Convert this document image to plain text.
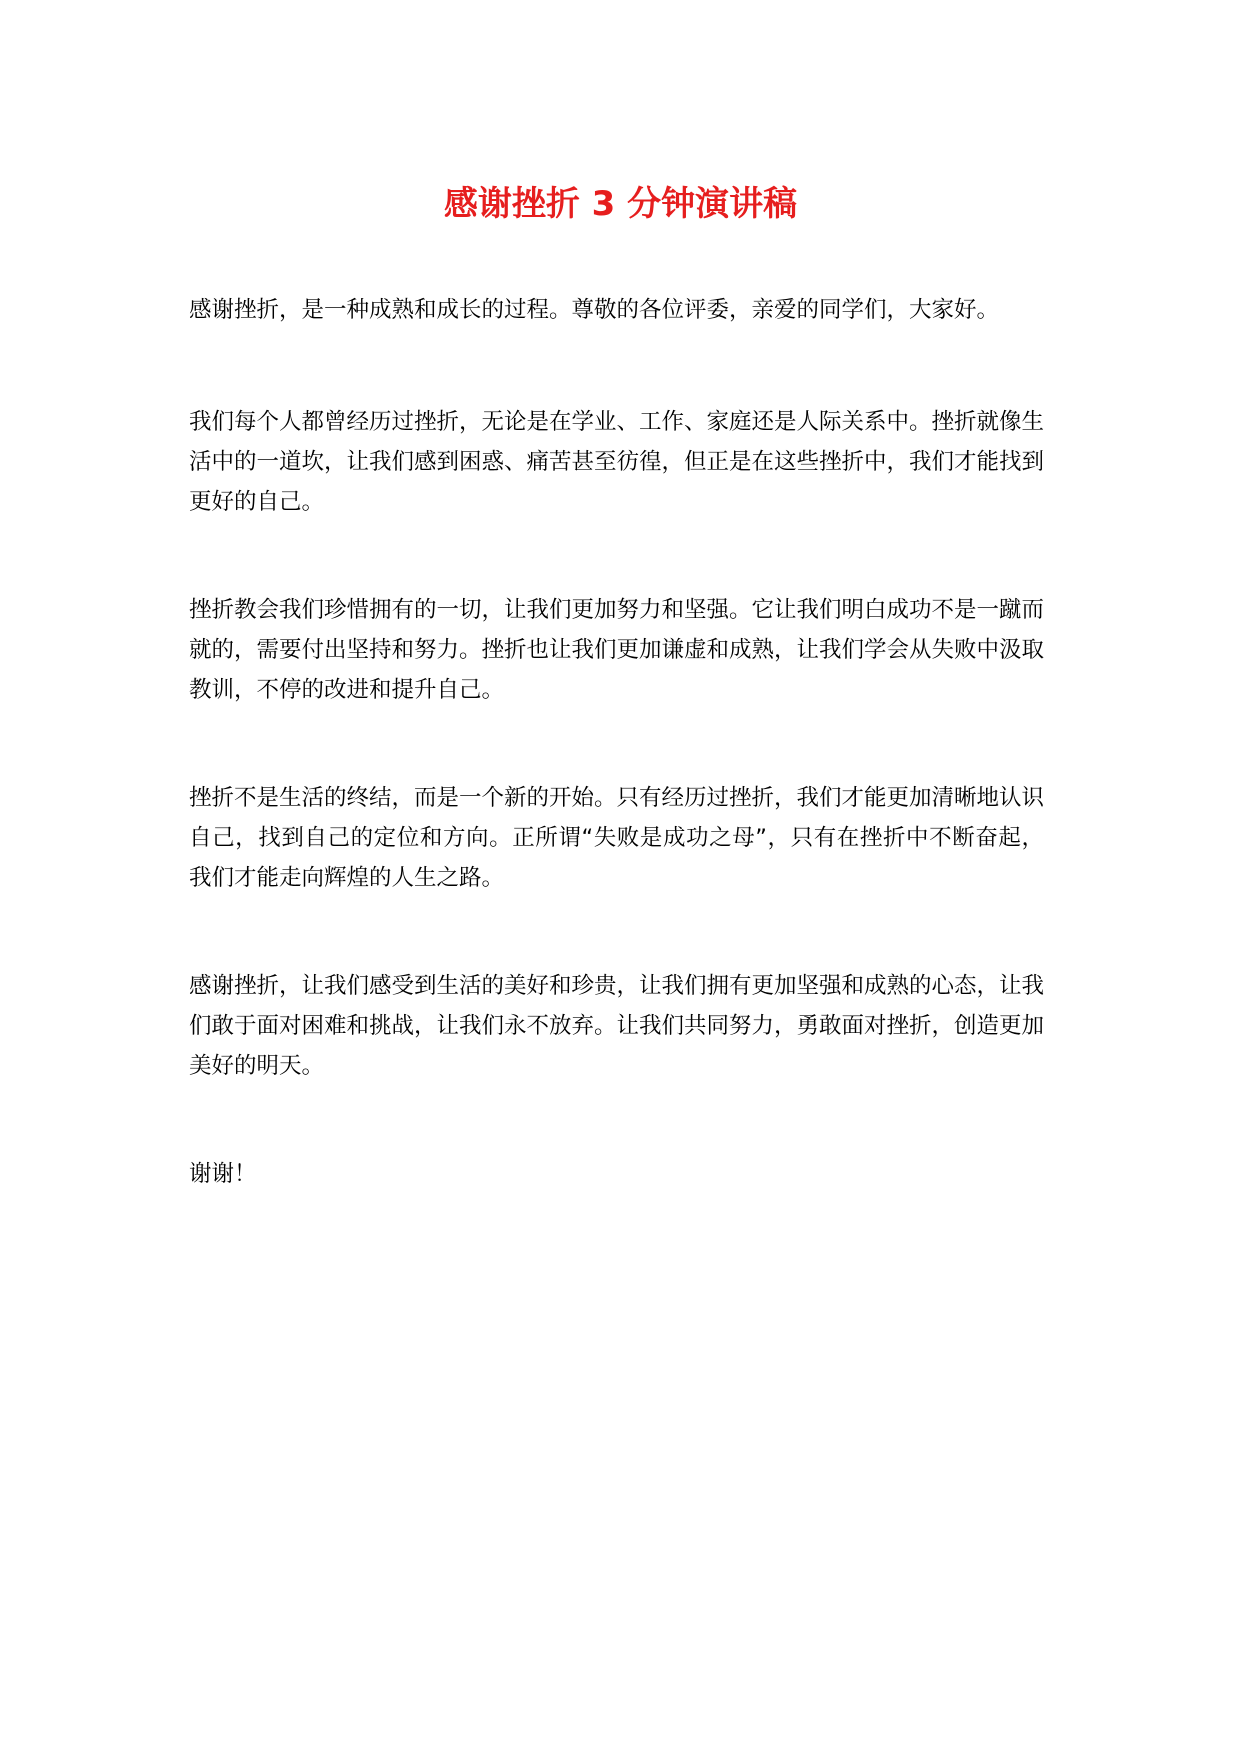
感谢挫折 3 分钟演讲稿

感谢挫折，是一种成熟和成长的过程。尊敬的各位评委，亲爱的同学们，大家好。

我们每个人都曾经历过挫折，无论是在学业、工作、家庭还是人际关系中。挫折就像生活中的一道坎，让我们感到困惑、痛苦甚至彷徨，但正是在这些挫折中，我们才能找到更好的自己。

挫折教会我们珍惜拥有的一切，让我们更加努力和坚强。它让我们明白成功不是一蹴而就的，需要付出坚持和努力。挫折也让我们更加谦虚和成熟，让我们学会从失败中汲取教训，不停的改进和提升自己。

挫折不是生活的终结，而是一个新的开始。只有经历过挫折，我们才能更加清晰地认识自己，找到自己的定位和方向。正所谓“失败是成功之母”，只有在挫折中不断奋起，我们才能走向辉煌的人生之路。

感谢挫折，让我们感受到生活的美好和珍贵，让我们拥有更加坚强和成熟的心态，让我们敢于面对困难和挑战，让我们永不放弃。让我们共同努力，勇敢面对挫折，创造更加美好的明天。

谢谢！
